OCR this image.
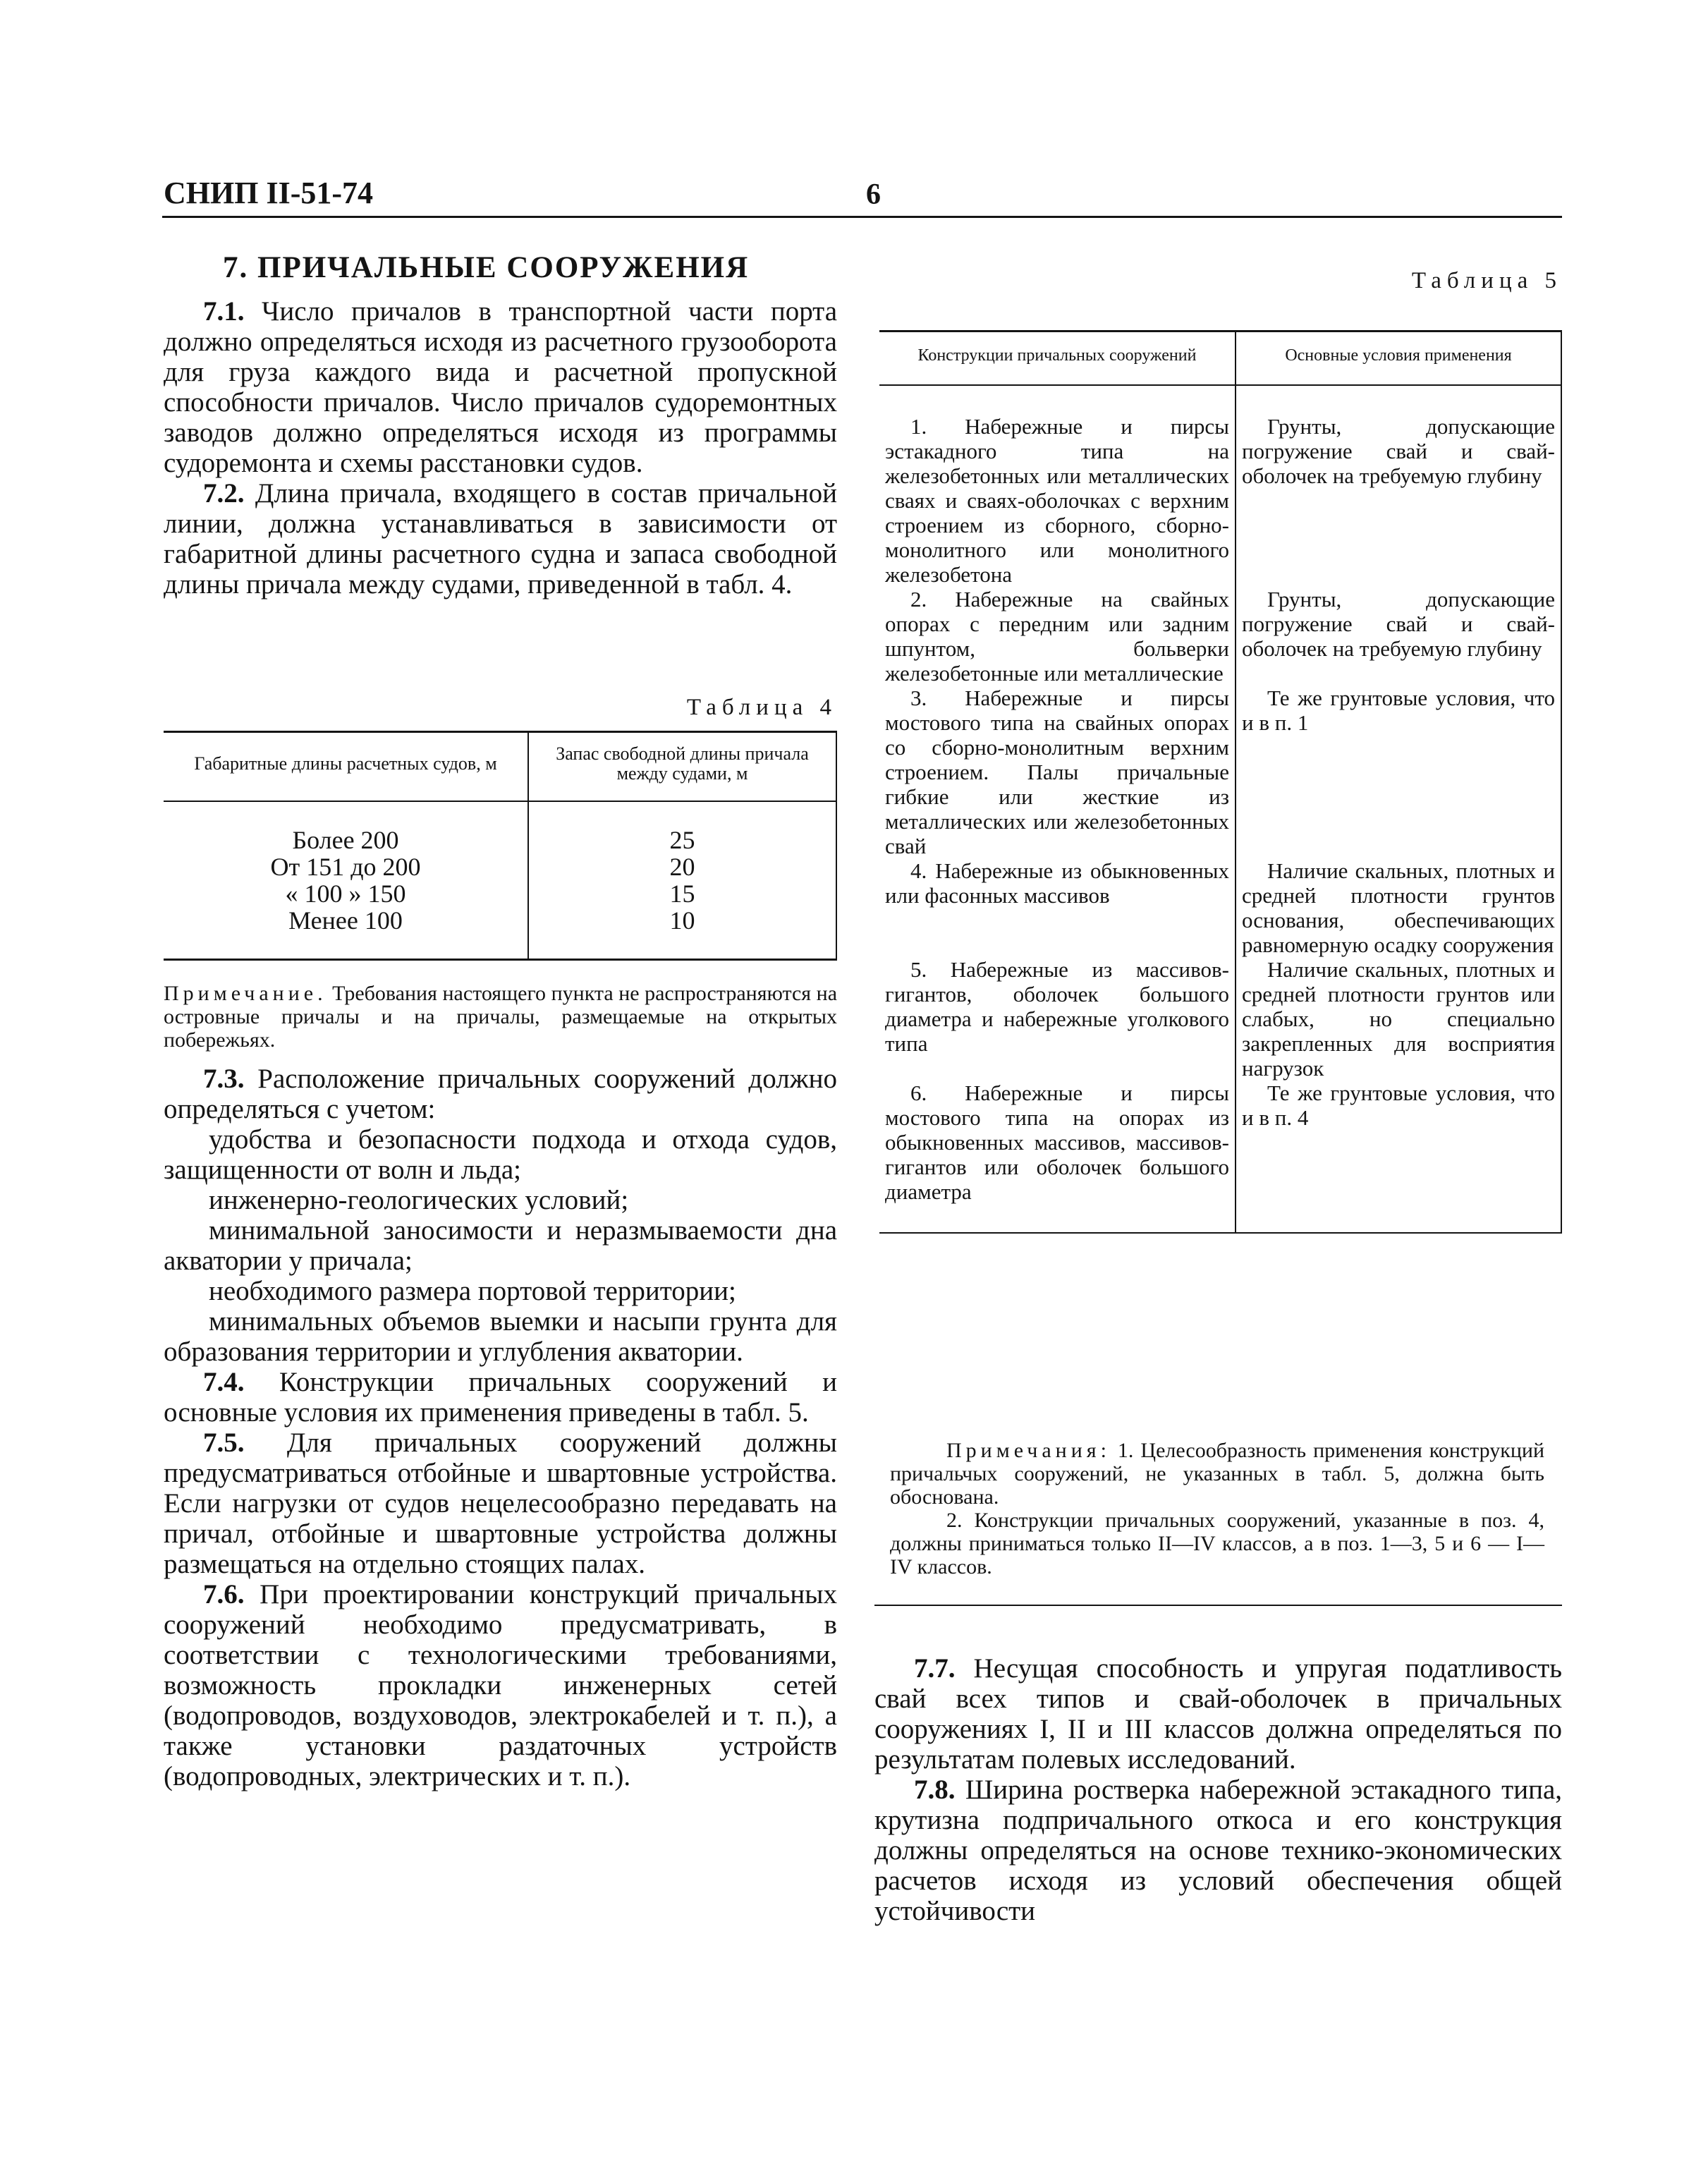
СНИП II-51-74	6
7. ПРИЧАЛЬНЫЕ СООРУЖЕНИЯ

7.1. Число причалов в транспортной части порта должно определяться исходя из расчетного грузооборота для груза каждого вида и расчетной пропускной способности причалов. Число причалов судоремонтных заводов должно определяться исходя из программы судоремонта и схемы расстановки судов.

7.2. Длина причала, входящего в состав причальной линии, должна устанавливаться в зависимости от габаритной длины расчетного судна и запаса свободной длины причала между судами, приведенной в табл. 4.

Таблица 4
Габаритные длины расчетных судов, м	Запас свободной длины причала между судами, м

Более 200	25
От 151 до 200	20
« 100 » 150	15
Менее 100	10

Примечание. Требования настоящего пункта не распространяются на островные причалы и на причалы, размещаемые на открытых побережьях.

7.3. Расположение причальных сооружений должно определяться с учетом:

удобства и безопасности подхода и отхода судов, защищенности от волн и льда;

инженерно-геологических условий;

минимальной заносимости и неразмываемости дна акватории у причала;

необходимого размера портовой территории;

минимальных объемов выемки и насыпи грунта для образования территории и углубления акватории.

7.4. Конструкции причальных сооружений и основные условия их применения приведены в табл. 5.

7.5. Для причальных сооружений должны предусматриваться отбойные и швартовные устройства. Если нагрузки от судов нецелесообразно передавать на причал, отбойные и швартовные устройства должны размещаться на отдельно стоящих палах.

7.6. При проектировании конструкций причальных сооружений необходимо предусматривать, в соответствии с технологическими требованиями, возможность прокладки инженерных сетей (водопроводов, воздуховодов, электрокабелей и т. п.), а также установки раздаточных устройств (водопроводных, электрических и т. п.).

Таблица 5
Конструкции причальных сооружений	Основные условия применения

1. Набережные и пирсы эстакадного типа на железобетонных или металлических сваях и сваях-оболочках с верхним строением из сборного, сборно-монолитного или монолитного железобетона	Грунты, допускающие погружение свай и свай-оболочек на требуемую глубину
2. Набережные на свайных опорах с передним или задним шпунтом, больверки железобетонные или металлические	Грунты, допускающие погружение свай и свай-оболочек на требуемую глубину
3. Набережные и пирсы мостового типа на свайных опорах со сборно-монолитным верхним строением. Палы причальные гибкие или жесткие из металлических или железобетонных свай	Те же грунтовые условия, что и в п. 1
4. Набережные из обыкновенных или фасонных массивов	Наличие скальных, плотных и средней плотности грунтов основания, обеспечивающих равномерную осадку сооружения
5. Набережные из массивов-гигантов, оболочек большого диаметра и набережные уголкового типа	Наличие скальных, плотных и средней плотности грунтов или слабых, но специально закрепленных для восприятия нагрузок
6. Набережные и пирсы мостового типа на опорах из обыкновенных массивов, массивов-гигантов или оболочек большого диаметра	Те же грунтовые условия, что и в п. 4

Примечания: 1. Целесообразность применения конструкций причальчых сооружений, не указанных в табл. 5, должна быть обоснована.
2. Конструкции причальных сооружений, указанные в поз. 4, должны приниматься только II—IV классов, а в поз. 1—3, 5 и 6 — I—IV классов.

7.7. Несущая способность и упругая податливость свай всех типов и свай-оболочек в причальных сооружениях I, II и III классов должна определяться по результатам полевых исследований.

7.8. Ширина ростверка набережной эстакадного типа, крутизна подпричального откоса и его конструкция должны определяться на основе технико-экономических расчетов исходя из условий обеспечения общей устойчивости
